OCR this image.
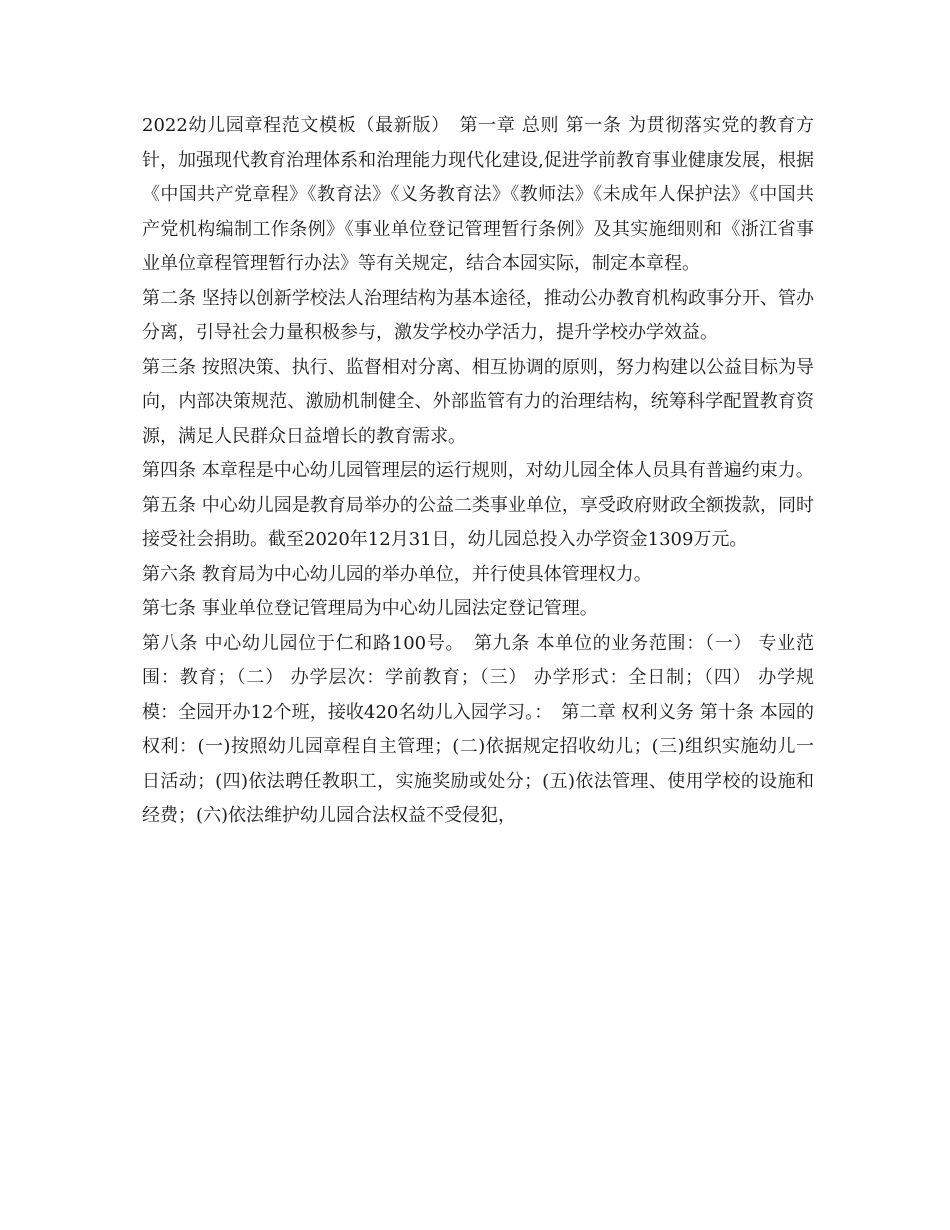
2022幼儿园章程范文模板（最新版）　第一章 总则 第一条 为贯彻落实党的教育方针，加强现代教育治理体系和治理能力现代化建设,促进学前教育事业健康发展，根据《中国共产党章程》《教育法》《义务教育法》《教师法》《未成年人保护法》《中国共产党机构编制工作条例》《事业单位登记管理暂行条例》及其实施细则和《浙江省事业单位章程管理暂行办法》等有关规定，结合本园实际，制定本章程。

第二条 坚持以创新学校法人治理结构为基本途径，推动公办教育机构政事分开、管办分离，引导社会力量积极参与，激发学校办学活力，提升学校办学效益。

第三条 按照决策、执行、监督相对分离、相互协调的原则，努力构建以公益目标为导向，内部决策规范、激励机制健全、外部监管有力的治理结构，统筹科学配置教育资源，满足人民群众日益增长的教育需求。

第四条 本章程是中心幼儿园管理层的运行规则，对幼儿园全体人员具有普遍约束力。

第五条 中心幼儿园是教育局举办的公益二类事业单位，享受政府财政全额拨款，同时接受社会捐助。截至2020年12月31日，幼儿园总投入办学资金1309万元。

第六条 教育局为中心幼儿园的举办单位，并行使具体管理权力。

第七条 事业单位登记管理局为中心幼儿园法定登记管理。

第八条 中心幼儿园位于仁和路100号。　第九条 本单位的业务范围：（一） 专业范围：教育；（二） 办学层次：学前教育；（三） 办学形式：全日制；（四） 办学规模：全园开办12个班，接收420名幼儿入园学习。：　第二章 权利义务 第十条 本园的权利：(一)按照幼儿园章程自主管理；(二)依据规定招收幼儿；(三)组织实施幼儿一日活动；(四)依法聘任教职工，实施奖励或处分；(五)依法管理、使用学校的设施和经费；(六)依法维护幼儿园合法权益不受侵犯，
